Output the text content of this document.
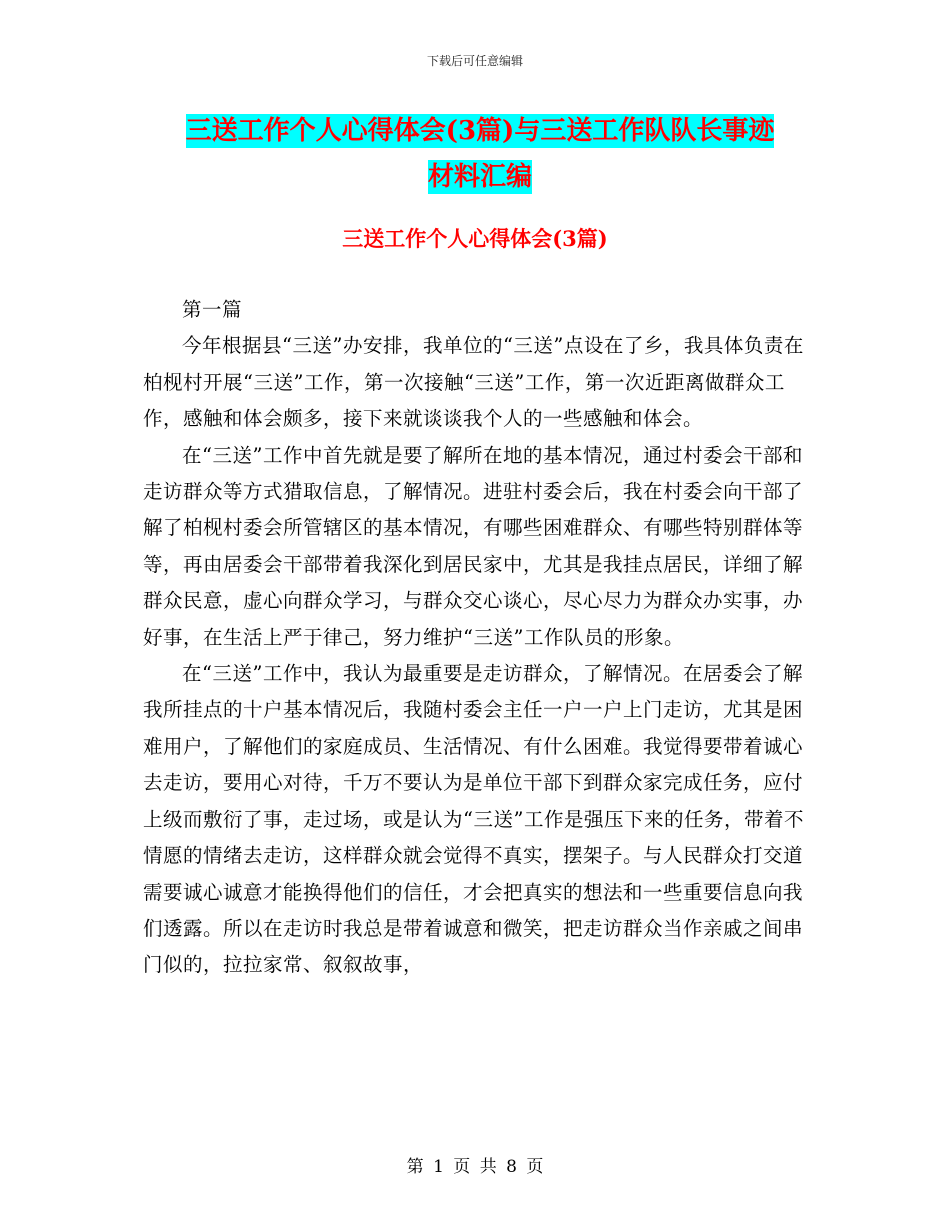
下载后可任意编辑
三送工作个人心得体会(3篇)与三送工作队队长事迹
材料汇编
三送工作个人心得体会(3篇)

第一篇

今年根据县“三送”办安排，我单位的“三送”点设在了乡，我具体负责在柏枧村开展“三送”工作，第一次接触“三送”工作，第一次近距离做群众工作，感触和体会颇多，接下来就谈谈我个人的一些感触和体会。

在“三送”工作中首先就是要了解所在地的基本情况，通过村委会干部和走访群众等方式猎取信息，了解情况。进驻村委会后，我在村委会向干部了解了柏枧村委会所管辖区的基本情况，有哪些困难群众、有哪些特别群体等等，再由居委会干部带着我深化到居民家中，尤其是我挂点居民，详细了解群众民意，虚心向群众学习，与群众交心谈心，尽心尽力为群众办实事，办好事，在生活上严于律己，努力维护“三送”工作队员的形象。

在“三送”工作中，我认为最重要是走访群众，了解情况。在居委会了解我所挂点的十户基本情况后，我随村委会主任一户一户上门走访，尤其是困难用户，了解他们的家庭成员、生活情况、有什么困难。我觉得要带着诚心去走访，要用心对待，千万不要认为是单位干部下到群众家完成任务，应付上级而敷衍了事，走过场，或是认为“三送”工作是强压下来的任务，带着不情愿的情绪去走访，这样群众就会觉得不真实，摆架子。与人民群众打交道需要诚心诚意才能换得他们的信任，才会把真实的想法和一些重要信息向我们透露。所以在走访时我总是带着诚意和微笑，把走访群众当作亲戚之间串门似的，拉拉家常、叙叙故事，

第 1 页 共 8 页
